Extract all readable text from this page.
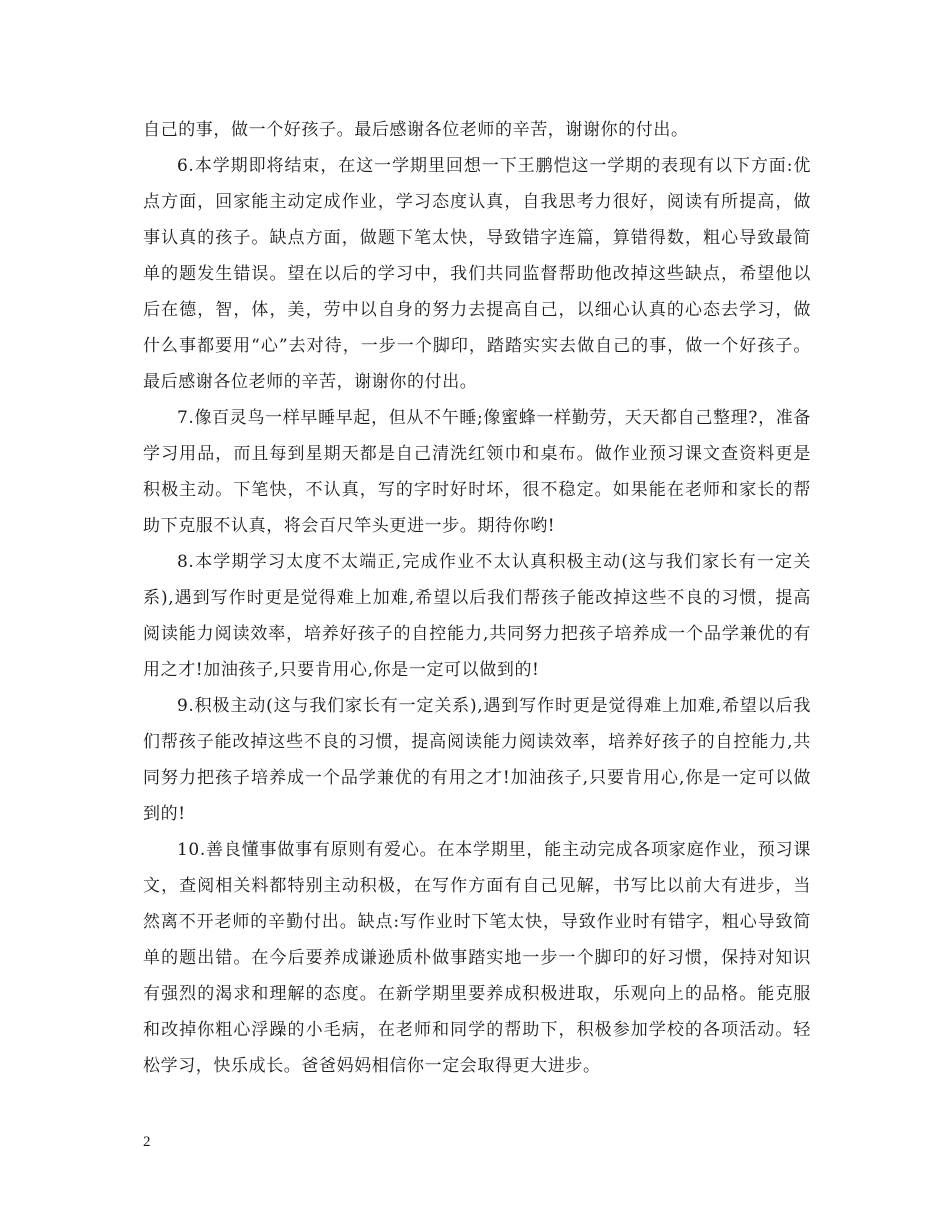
自己的事，做一个好孩子。最后感谢各位老师的辛苦，谢谢你的付出。

6.本学期即将结束，在这一学期里回想一下王鹏恺这一学期的表现有以下方面:优点方面，回家能主动定成作业，学习态度认真，自我思考力很好，阅读有所提高，做事认真的孩子。缺点方面，做题下笔太快，导致错字连篇，算错得数，粗心导致最简单的题发生错误。望在以后的学习中，我们共同监督帮助他改掉这些缺点，希望他以后在德，智，体，美，劳中以自身的努力去提高自己，以细心认真的心态去学习，做什么事都要用“心”去对待，一步一个脚印，踏踏实实去做自己的事，做一个好孩子。最后感谢各位老师的辛苦，谢谢你的付出。

7.像百灵鸟一样早睡早起，但从不午睡;像蜜蜂一样勤劳，天天都自己整理?，准备学习用品，而且每到星期天都是自己清洗红领巾和桌布。做作业预习课文查资料更是积极主动。下笔快，不认真，写的字时好时坏，很不稳定。如果能在老师和家长的帮助下克服不认真，将会百尺竿头更进一步。期待你哟!

8.本学期学习太度不太端正,完成作业不太认真积极主动(这与我们家长有一定关系),遇到写作时更是觉得难上加难,希望以后我们帮孩子能改掉这些不良的习惯，提高阅读能力阅读效率，培养好孩子的自控能力,共同努力把孩子培养成一个品学兼优的有用之才!加油孩子,只要肯用心,你是一定可以做到的!

9.积极主动(这与我们家长有一定关系),遇到写作时更是觉得难上加难,希望以后我们帮孩子能改掉这些不良的习惯，提高阅读能力阅读效率，培养好孩子的自控能力,共同努力把孩子培养成一个品学兼优的有用之才!加油孩子,只要肯用心,你是一定可以做到的!

10.善良懂事做事有原则有爱心。在本学期里，能主动完成各项家庭作业，预习课文，查阅相关料都特别主动积极，在写作方面有自己见解，书写比以前大有进步，当然离不开老师的辛勤付出。缺点:写作业时下笔太快，导致作业时有错字，粗心导致简单的题出错。在今后要养成谦逊质朴做事踏实地一步一个脚印的好习惯，保持对知识有强烈的渴求和理解的态度。在新学期里要养成积极进取，乐观向上的品格。能克服和改掉你粗心浮躁的小毛病，在老师和同学的帮助下，积极参加学校的各项活动。轻松学习，快乐成长。爸爸妈妈相信你一定会取得更大进步。

2
